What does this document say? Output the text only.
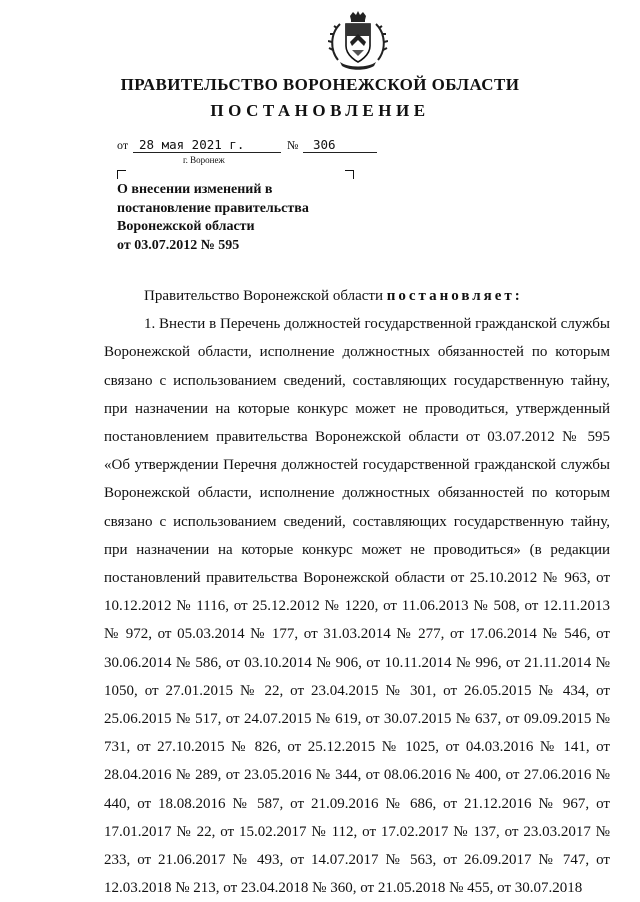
ПРАВИТЕЛЬСТВО ВОРОНЕЖСКОЙ ОБЛАСТИ
ПОСТАНОВЛЕНИЕ
от 28 мая 2021 г.	№ 306
г. Воронеж
О внесении изменений в
постановление правительства
Воронежской области
от 03.07.2012 № 595

Правительство Воронежской области постановляет:

1. Внести в Перечень должностей государственной гражданской службы Воронежской области, исполнение должностных обязанностей по которым связано с использованием сведений, составляющих государственную тайну, при назначении на которые конкурс может не проводиться, утвержденный постановлением правительства Воронежской области от 03.07.2012 № 595 «Об утверждении Перечня должностей государственной гражданской службы Воронежской области, исполнение должностных обязанностей по которым связано с использованием сведений, составляющих государственную тайну, при назначении на которые конкурс может не проводиться» (в редакции постановлений правительства Воронежской области от 25.10.2012 № 963, от 10.12.2012 № 1116, от 25.12.2012 № 1220, от 11.06.2013 № 508, от 12.11.2013 № 972, от 05.03.2014 № 177, от 31.03.2014 № 277, от 17.06.2014 № 546, от 30.06.2014 № 586, от 03.10.2014 № 906, от 10.11.2014 № 996, от 21.11.2014 № 1050, от 27.01.2015 № 22, от 23.04.2015 № 301, от 26.05.2015 № 434, от 25.06.2015 № 517, от 24.07.2015 № 619, от 30.07.2015 № 637, от 09.09.2015 № 731, от 27.10.2015 № 826, от 25.12.2015 № 1025, от 04.03.2016 № 141, от 28.04.2016 № 289, от 23.05.2016 № 344, от 08.06.2016 № 400, от 27.06.2016 № 440, от 18.08.2016 № 587, от 21.09.2016 № 686, от 21.12.2016 № 967, от 17.01.2017 № 22, от 15.02.2017 № 112, от 17.02.2017 № 137, от 23.03.2017 № 233, от 21.06.2017 № 493, от 14.07.2017 № 563, от 26.09.2017 № 747, от 12.03.2018 № 213, от 23.04.2018 № 360, от 21.05.2018 № 455, от 30.07.2018
